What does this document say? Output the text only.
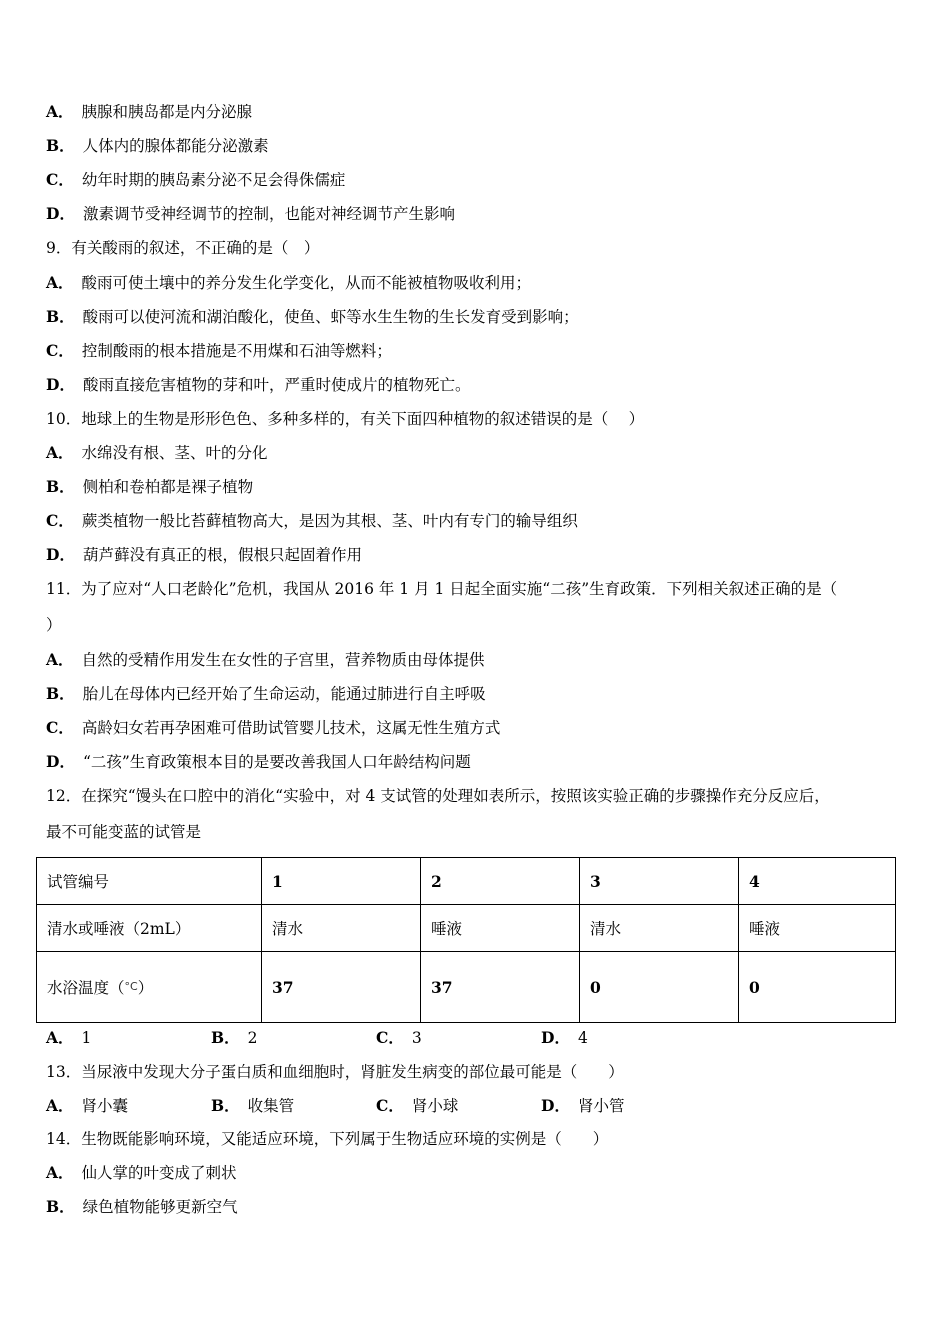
A． 胰腺和胰岛都是内分泌腺
B． 人体内的腺体都能分泌激素
C． 幼年时期的胰岛素分泌不足会得侏儒症
D． 激素调节受神经调节的控制，也能对神经调节产生影响
9．有关酸雨的叙述，不正确的是（　）
A． 酸雨可使土壤中的养分发生化学变化，从而不能被植物吸收利用；
B． 酸雨可以使河流和湖泊酸化，使鱼、虾等水生生物的生长发育受到影响；
C． 控制酸雨的根本措施是不用煤和石油等燃料；
D． 酸雨直接危害植物的芽和叶，严重时使成片的植物死亡。
10．地球上的生物是形形色色、多种多样的，有关下面四种植物的叙述错误的是（　 ）
A． 水绵没有根、茎、叶的分化
B． 侧柏和卷柏都是裸子植物
C． 蕨类植物一般比苔藓植物高大，是因为其根、茎、叶内有专门的输导组织
D． 葫芦藓没有真正的根，假根只起固着作用
11．为了应对“人口老龄化”危机，我国从 2016 年 1 月 1 日起全面实施“二孩”生育政策．下列相关叙述正确的是（
）
A． 自然的受精作用发生在女性的子宫里，营养物质由母体提供
B． 胎儿在母体内已经开始了生命运动，能通过肺进行自主呼吸
C． 高龄妇女若再孕困难可借助试管婴儿技术，这属无性生殖方式
D． “二孩”生育政策根本目的是要改善我国人口年龄结构问题
12．在探究“馒头在口腔中的消化“实验中，对 4 支试管的处理如表所示，按照该实验正确的步骤操作充分反应后，
最不可能变蓝的试管是
试管编号	1	2	3	4
清水或唾液（2mL）	清水	唾液	清水	唾液
水浴温度（°C）	37	37	0	0
A． 1	B． 2	C． 3	D． 4
13．当尿液中发现大分子蛋白质和血细胞时，肾脏发生病变的部位最可能是（　　）
A． 肾小囊	B． 收集管	C． 肾小球	D． 肾小管
14．生物既能影响环境，又能适应环境，下列属于生物适应环境的实例是（　　）
A． 仙人掌的叶变成了刺状
B． 绿色植物能够更新空气
